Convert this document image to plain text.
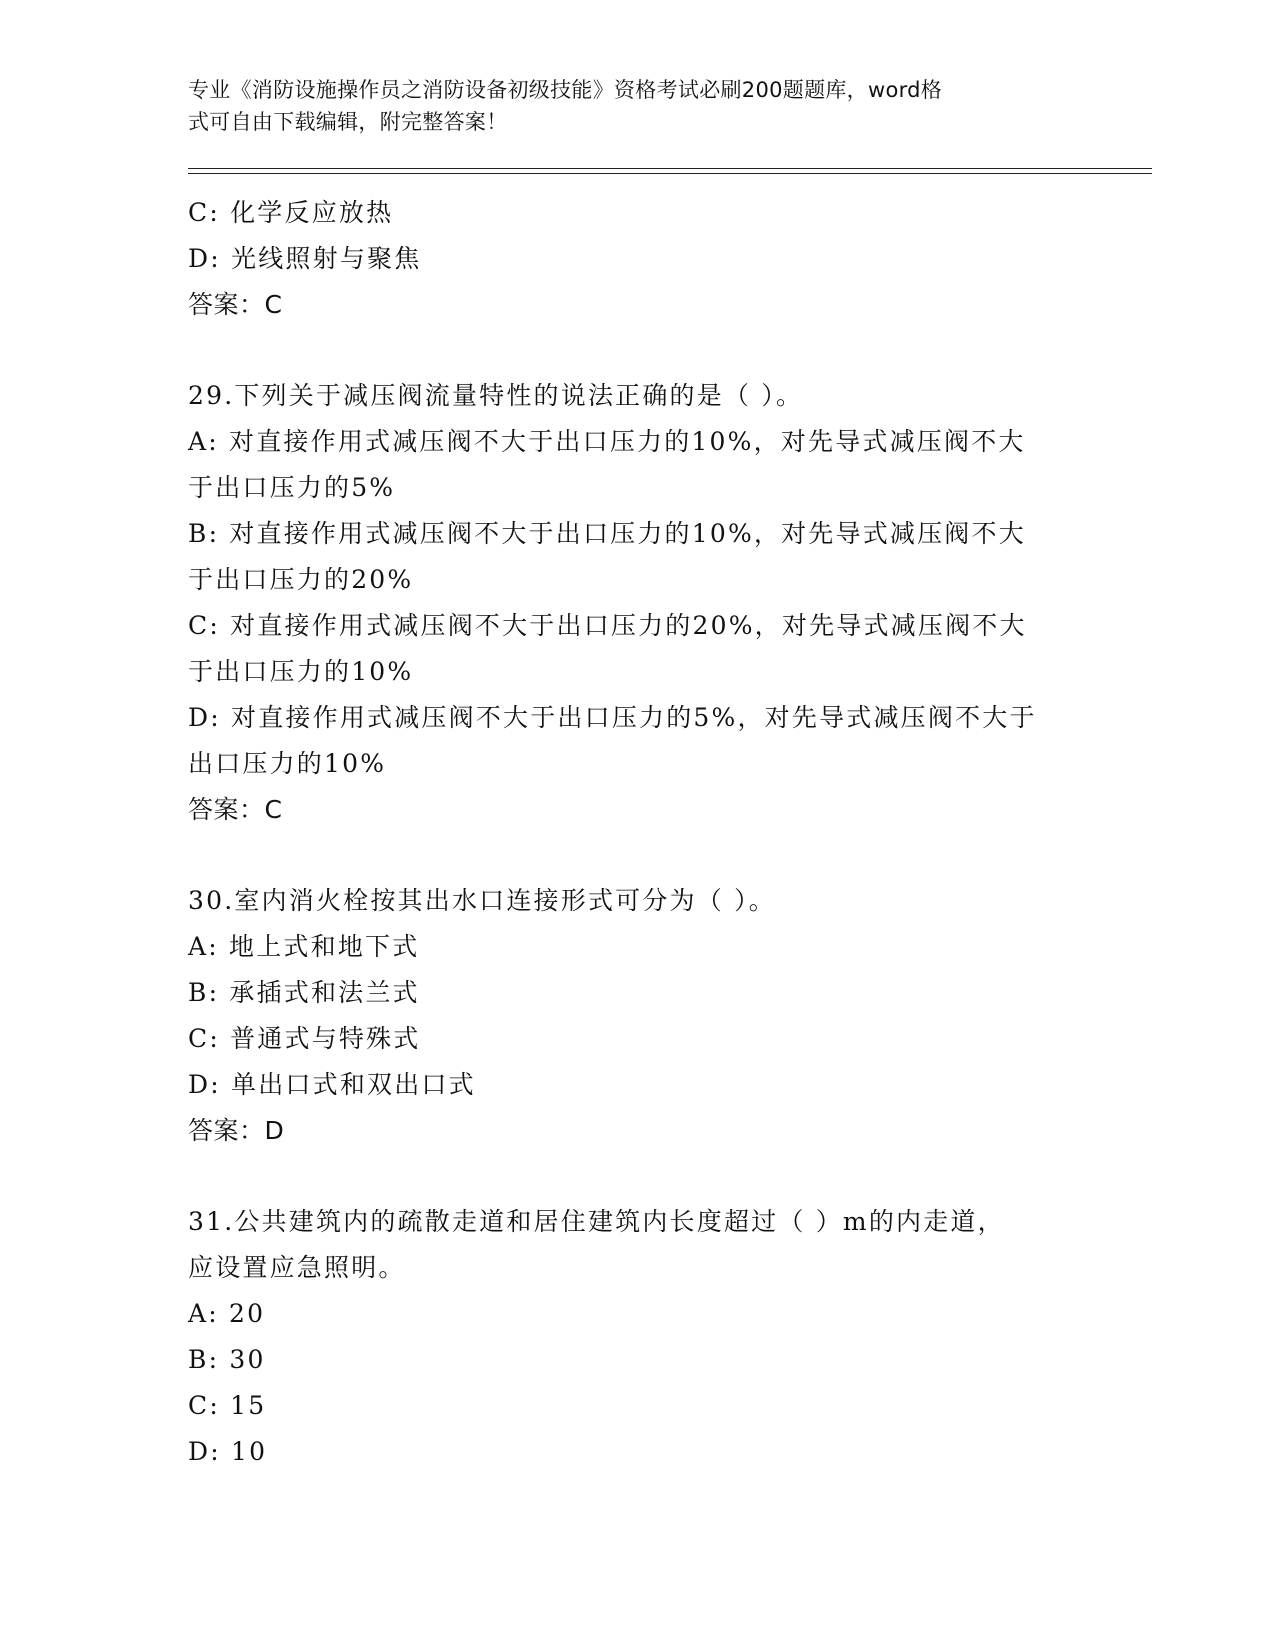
专业《消防设施操作员之消防设备初级技能》资格考试必刷200题题库，word格
式可自由下载编辑，附完整答案！
C: 化学反应放热
D: 光线照射与聚焦
答案：C
29.下列关于减压阀流量特性的说法正确的是（ ）。
A: 对直接作用式减压阀不大于出口压力的10%，对先导式减压阀不大
于出口压力的5%
B: 对直接作用式减压阀不大于出口压力的10%，对先导式减压阀不大
于出口压力的20%
C: 对直接作用式减压阀不大于出口压力的20%，对先导式减压阀不大
于出口压力的10%
D: 对直接作用式减压阀不大于出口压力的5%，对先导式减压阀不大于
出口压力的10%
答案：C
30.室内消火栓按其出水口连接形式可分为（ ）。
A: 地上式和地下式
B: 承插式和法兰式
C: 普通式与特殊式
D: 单出口式和双出口式
答案：D
31.公共建筑内的疏散走道和居住建筑内长度超过（ ）m的内走道，
应设置应急照明。
A: 20
B: 30
C: 15
D: 10
